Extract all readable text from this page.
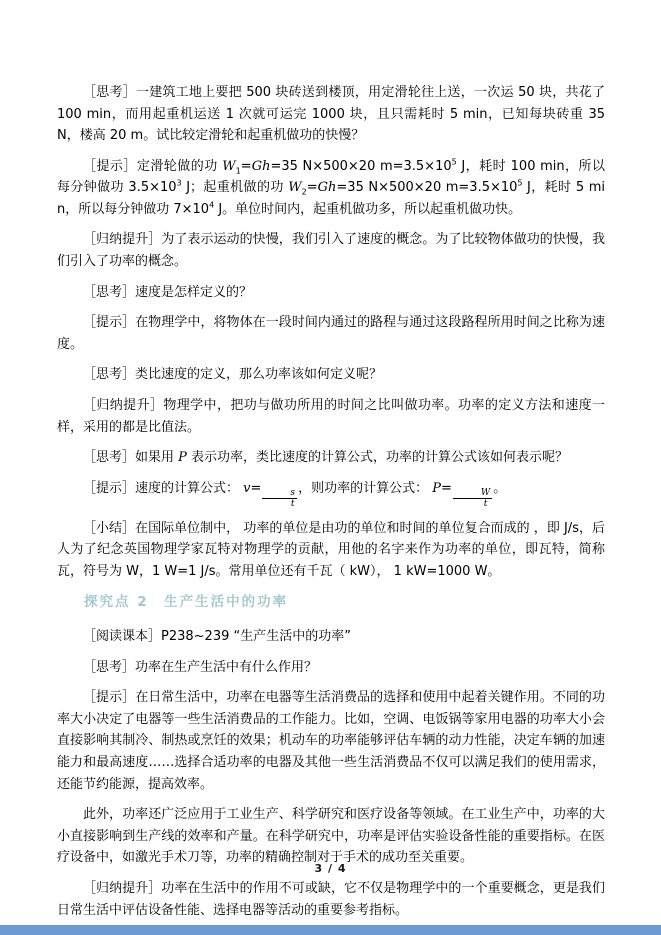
［思考］一建筑工地上要把 500 块砖送到楼顶，用定滑轮往上送，一次运 50 块，共花了 100 min，而用起重机运送 1 次就可运完 1000 块，且只需耗时 5 min，已知每块砖重 35 N，楼高 20 m。试比较定滑轮和起重机做功的快慢？

［提示］定滑轮做的功 $W_1=Gh=35$ N×500×20 $m=3.5\times 10^5$ J，耗时 100 min，所以每分钟做功 $3.5\times 10^3$ J；起重机做的功 $W_2=Gh=35$ N×500×20 $m=3.5\times 10^5$ J，耗时 5 min，所以每分钟做功 $7\times 10^4$ J。单位时间内，起重机做功多，所以起重机做功快。

［归纳提升］为了表示运动的快慢，我们引入了速度的概念。为了比较物体做功的快慢，我们引入了功率的概念。

［思考］速度是怎样定义的？

［提示］在物理学中，将物体在一段时间内通过的路程与通过这段路程所用时间之比称为速度。

［思考］类比速度的定义，那么功率该如何定义呢？

［归纳提升］物理学中，把功与做功所用的时间之比叫做功率。功率的定义方法和速度一样，采用的都是比值法。

［思考］如果用 P 表示功率，类比速度的计算公式，功率的计算公式该如何表示呢？

［提示］速度的计算公式： $v= \frac{s}{t}$ ，则功率的计算公式： $P= \frac{W}{t}$ 。

［小结］在国际单位制中， 功率的单位是由功的单位和时间的单位复合而成的 ，即 J/s，后人为了纪念英国物理学家瓦特对物理学的贡献，用他的名字来作为功率的单位，即瓦特，简称瓦，符号为 W，1 W=1 J/s。常用单位还有千瓦（ kW）， 1 kW=1000 W。

探究点 2　生产生活中的功率

［阅读课本］P238~239 “生产生活中的功率”

［思考］功率在生产生活中有什么作用？

［提示］在日常生活中，功率在电器等生活消费品的选择和使用中起着关键作用。不同的功率大小决定了电器等一些生活消费品的工作能力。比如，空调、电饭锅等家用电器的功率大小会直接影响其制冷、制热或烹饪的效果；机动车的功率能够评估车辆的动力性能，决定车辆的加速能力和最高速度……选择合适功率的电器及其他一些生活消费品不仅可以满足我们的使用需求，还能节约能源，提高效率。

此外，功率还广泛应用于工业生产、科学研究和医疗设备等领域。在工业生产中，功率的大小直接影响到生产线的效率和产量。在科学研究中，功率是评估实验设备性能的重要指标。在医疗设备中，如激光手术刀等，功率的精确控制对于手术的成功至关重要。

［归纳提升］功率在生活中的作用不可或缺，它不仅是物理学中的一个重要概念，更是我们日常生活中评估设备性能、选择电器等活动的重要参考指标。

3 / 4
